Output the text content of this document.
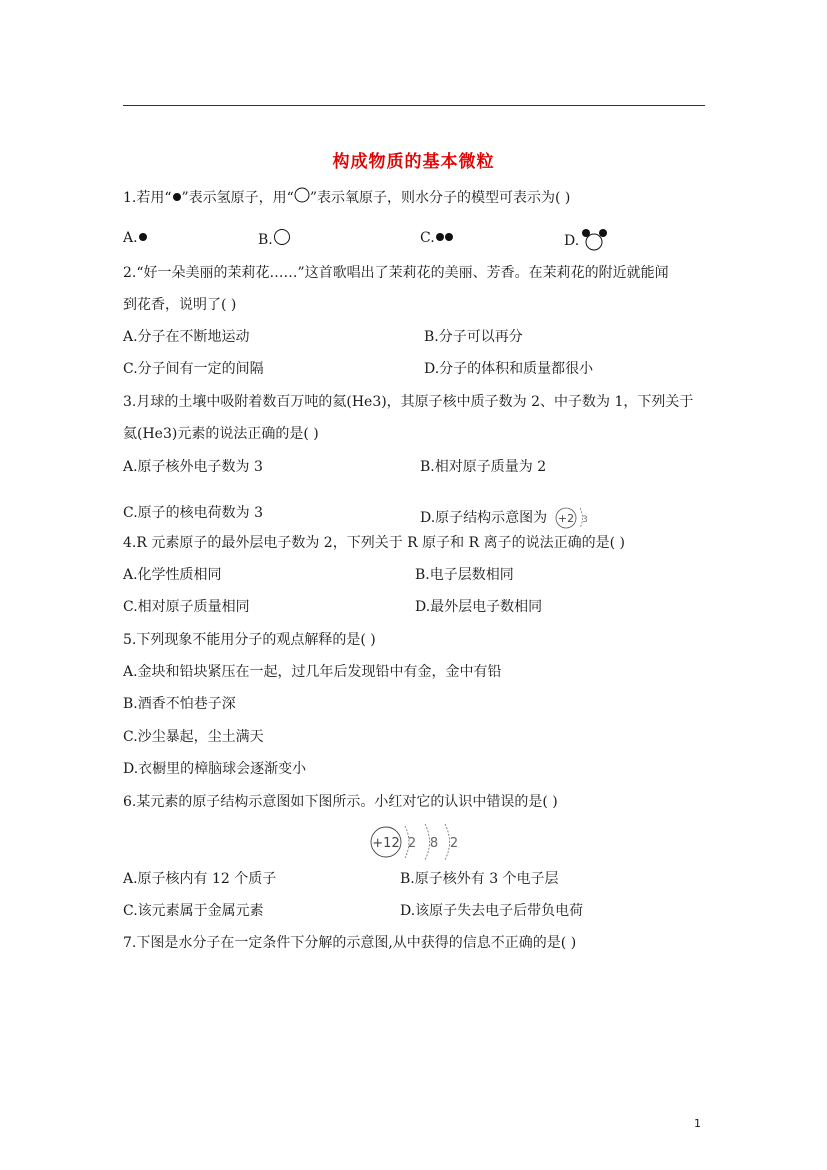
构成物质的基本微粒
1.若用“ ”表示氢原子，用“ ”表示氧原子，则水分子的模型可表示为( )
A.	B.	C.	D.
2.“好一朵美丽的茉莉花……”这首歌唱出了茉莉花的美丽、芳香。在茉莉花的附近就能闻
到花香，说明了( )
A.分子在不断地运动	B.分子可以再分
C.分子间有一定的间隔	D.分子的体积和质量都很小
3.月球的土壤中吸附着数百万吨的氦(He3)，其原子核中质子数为 2、中子数为 1，下列关于
氦(He3)元素的说法正确的是( )
A.原子核外电子数为 3	B.相对原子质量为 2
C.原子的核电荷数为 3	D.原子结构示意图为 +2 3
4.R 元素原子的最外层电子数为 2，下列关于 R 原子和 R 离子的说法正确的是( )
A.化学性质相同	B.电子层数相同
C.相对原子质量相同	D.最外层电子数相同
5.下列现象不能用分子的观点解释的是( )
A.金块和铅块紧压在一起，过几年后发现铅中有金，金中有铅
B.酒香不怕巷子深
C.沙尘暴起，尘土满天
D.衣橱里的樟脑球会逐渐变小
6.某元素的原子结构示意图如下图所示。小红对它的认识中错误的是( )
+12 2 8 2
A.原子核内有 12 个质子	B.原子核外有 3 个电子层
C.该元素属于金属元素	D.该原子失去电子后带负电荷
7.下图是水分子在一定条件下分解的示意图,从中获得的信息不正确的是( )
1
